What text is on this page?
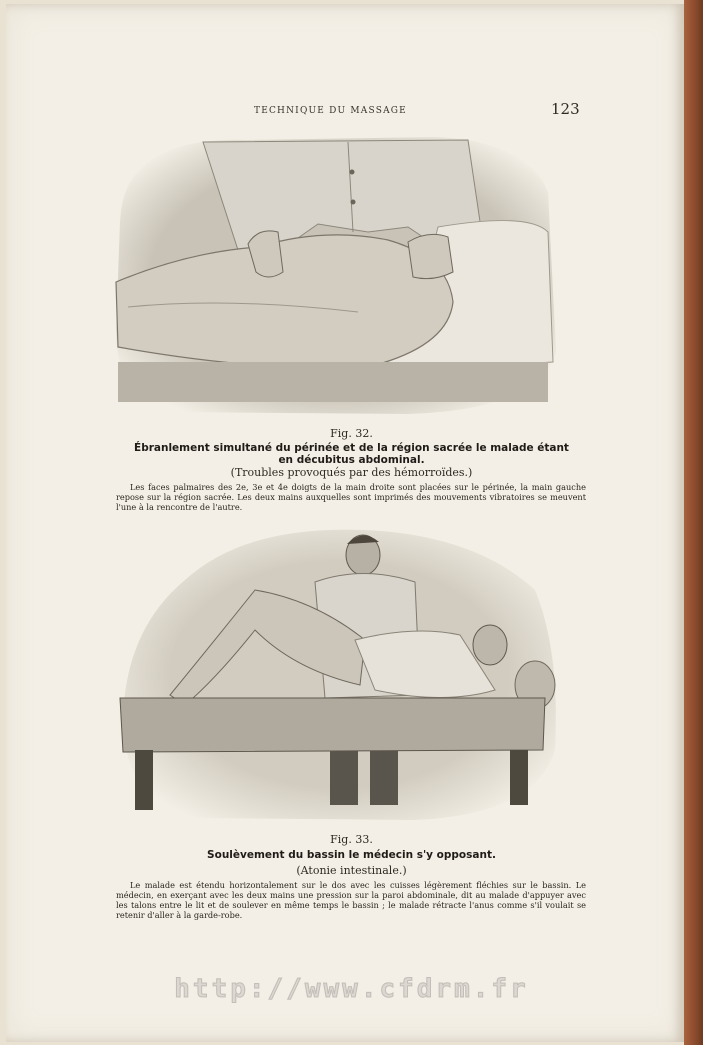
TECHNIQUE DU MASSAGE	123
Fig. 32.
Ébranlement simultané du périnée et de la région sacrée le malade étant
en décubitus abdominal.
(Troubles provoqués par des hémorroïdes.)
Les faces palmaires des 2e, 3e et 4e doigts de la main droite sont placées sur le périnée, la main gauche repose sur la région sacrée. Les deux mains auxquelles sont imprimés des mouvements vibratoires se meuvent l'une à la rencontre de l'autre.
Fig. 33.
Soulèvement du bassin le médecin s'y opposant.
(Atonie intestinale.)
Le malade est étendu horizontalement sur le dos avec les cuisses légèrement fléchies sur le bassin. Le médecin, en exerçant avec les deux mains une pression sur la paroi abdominale, dit au malade d'appuyer avec les talons entre le lit et de soulever en même temps le bassin ; le malade rétracte l'anus comme s'il voulait se retenir d'aller à la garde-robe.
http://www.cfdrm.fr
